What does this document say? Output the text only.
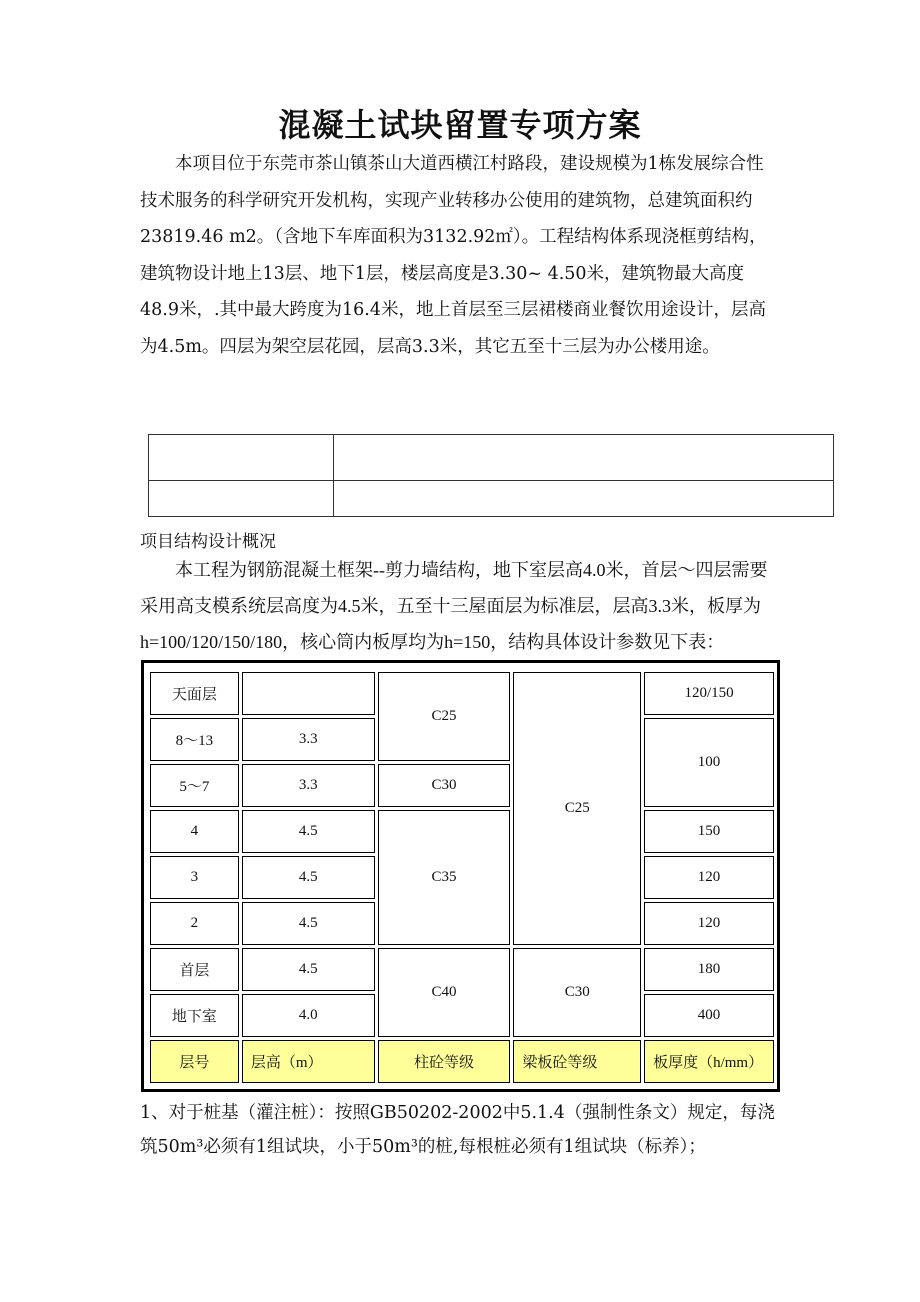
混凝土试块留置专项方案

本项目位于东莞市茶山镇茶山大道西横江村路段，建设规模为1栋发展综合性技术服务的科学研究开发机构，实现产业转移办公使用的建筑物，总建筑面积约23819.46 m2。（含地下车库面积为3132.92㎡）。工程结构体系现浇框剪结构，建筑物设计地上13层、地下1层，楼层高度是3.30~ 4.50米，建筑物最大高度48.9米，.其中最大跨度为16.4米，地上首层至三层裙楼商业餐饮用途设计，层高为4.5m。四层为架空层花园，层高3.3米，其它五至十三层为办公楼用途。

项目结构设计概况

本工程为钢筋混凝土框架--剪力墙结构，地下室层高4.0米，首层～四层需要采用高支模系统层高度为4.5米，五至十三屋面层为标准层，层高3.3米，板厚为h=100/120/150/180，核心筒内板厚均为h=150，结构具体设计参数见下表：

天面层		C25	C25	120/150
8～13	3.3			100
5～7	3.3	C30		
4	4.5	C35		150
3	4.5			120
2	4.5			120
首层	4.5	C40	C30	180
地下室	4.0			400
层号	层高（m）	柱砼等级	梁板砼等级	板厚度（h/mm）

1、对于桩基（灌注桩）：按照GB50202-2002中5.1.4（强制性条文）规定，每浇筑50m³必须有1组试块，小于50m³的桩,每根桩必须有1组试块（标养）；
